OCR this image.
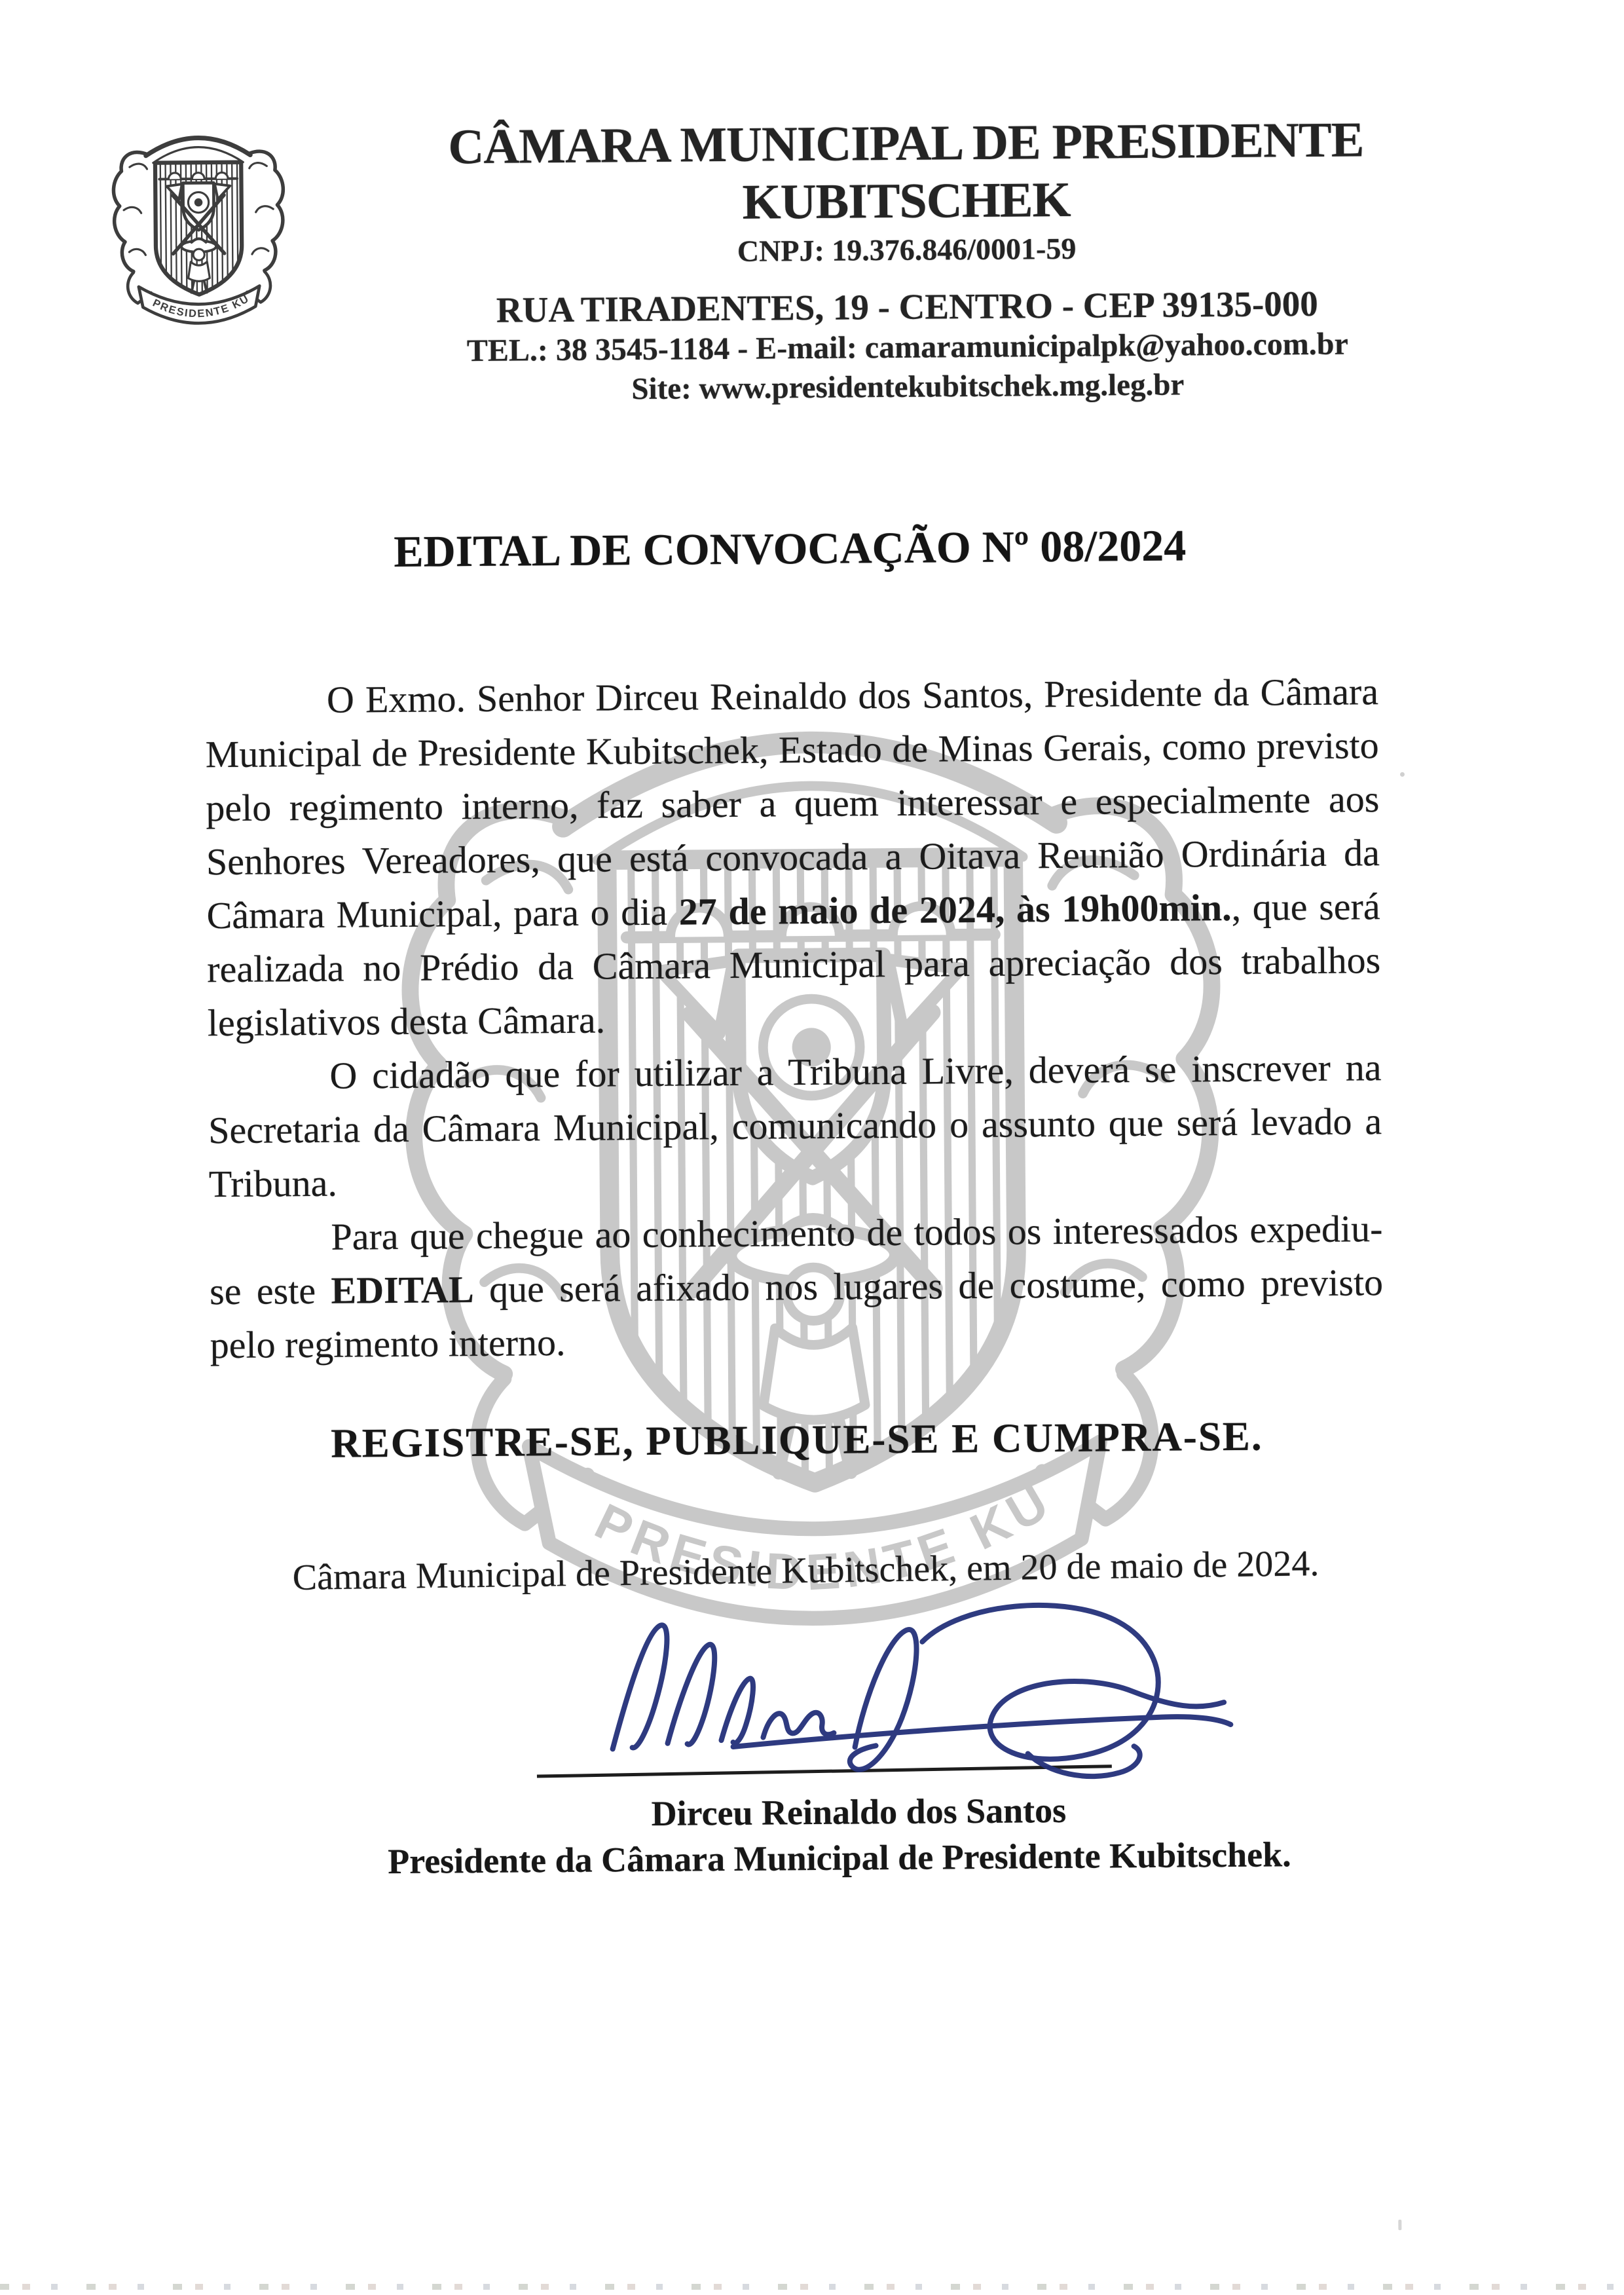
CÂMARA MUNICIPAL DE PRESIDENTE KUBITSCHEK
CNPJ: 19.376.846/0001-59
RUA TIRADENTES, 19 - CENTRO - CEP 39135-000
TEL.: 38 3545-1184 - E-mail: camaramunicipalpk@yahoo.com.br
Site: www.presidentekubitschek.mg.leg.br
EDITAL DE CONVOCAÇÃO Nº 08/2024

O Exmo. Senhor Dirceu Reinaldo dos Santos, Presidente da Câmara Municipal de Presidente Kubitschek, Estado de Minas Gerais, como previsto pelo regimento interno, faz saber a quem interessar e especialmente aos Senhores Vereadores, que está convocada a Oitava Reunião Ordinária da Câmara Municipal, para o dia 27 de maio de 2024, às 19h00min., que será realizada no Prédio da Câmara Municipal para apreciação dos trabalhos legislativos desta Câmara.

O cidadão que for utilizar a Tribuna Livre, deverá se inscrever na Secretaria da Câmara Municipal, comunicando o assunto que será levado a Tribuna.

Para que chegue ao conhecimento de todos os interessados expediu-se este EDITAL que será afixado nos lugares de costume, como previsto pelo regimento interno.

REGISTRE-SE, PUBLIQUE-SE E CUMPRA-SE.
Câmara Municipal de Presidente Kubitschek, em 20 de maio de 2024.
Dirceu Reinaldo dos Santos
Presidente da Câmara Municipal de Presidente Kubitschek.
